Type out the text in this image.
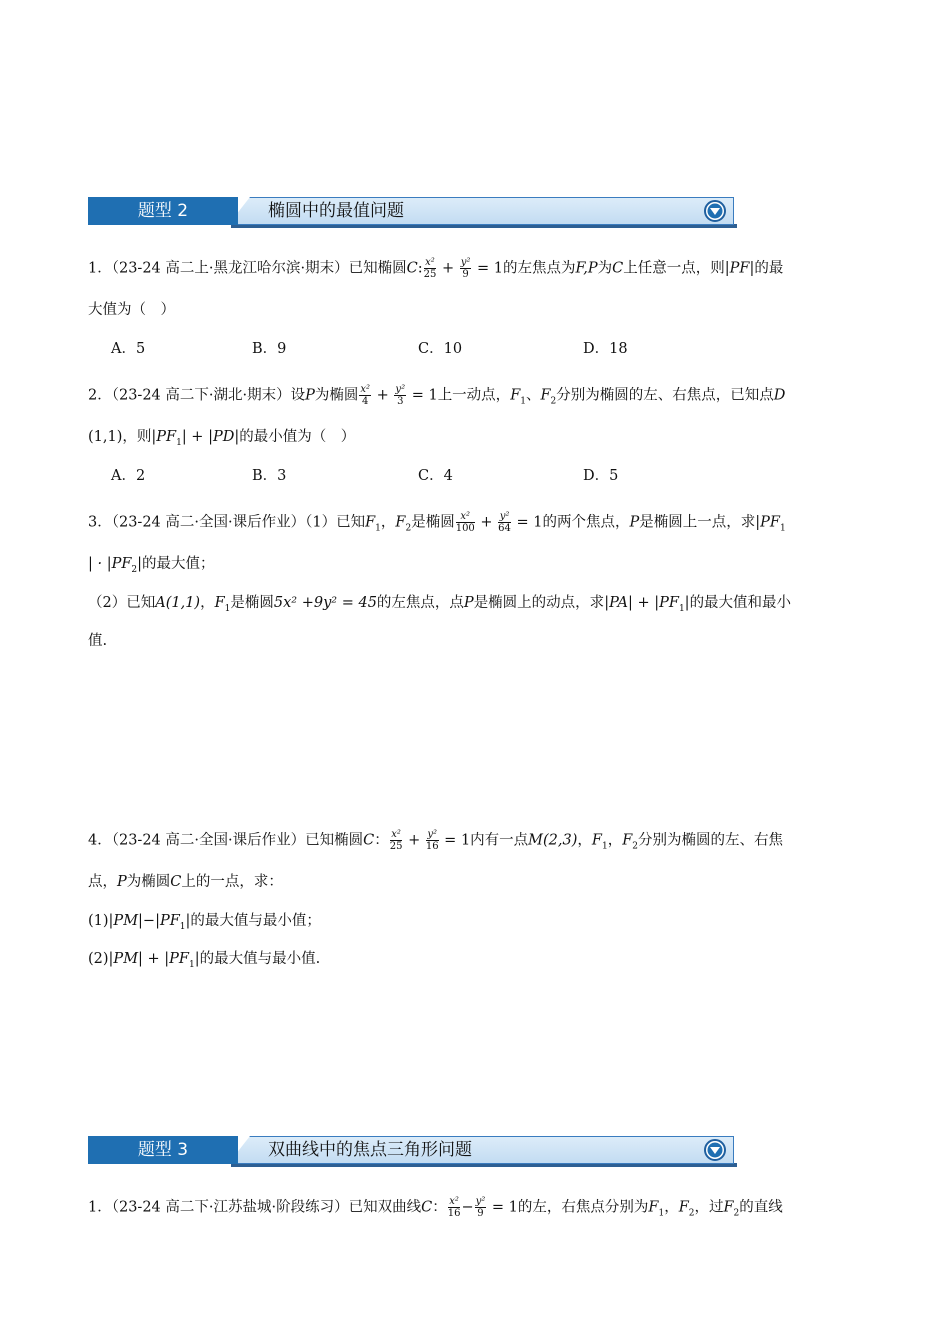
题型 2	椭圆中的最值问题
1．（23-24 高二上·黑龙江哈尔滨·期末）已知椭圆C: $\frac{\text{x²}}{25} + \frac{\text{y²}}{9} = 1$的左焦点为F,P为C上任意一点，则|PF|的最
大值为（　）
A．5	B．9	C．10	D．18
2．（23-24 高二下·湖北·期末）设P为椭圆 $\frac{\text{x²}}{4} + \frac{\text{y²}}{3} = 1$上一动点，$F_1$、$F_2$分别为椭圆的左、右焦点，已知点D
(1,1)，则$|PF_1| + |PD|$的最小值为（　）
A．2	B．3	C．4	D．5
3．（23-24 高二·全国·课后作业）（1）已知$F_1$，$F_2$是椭圆 $\frac{\text{x²}}{100} + \frac{\text{y²}}{64} = 1$的两个焦点，P是椭圆上一点，求$|PF_1$
| · $|PF_2|$的最大值；
（2）已知A(1,1)，$F_1$是椭圆5x² +9y² = 45的左焦点，点P是椭圆上的动点，求$|PA| + |PF_1|$的最大值和最小
值.
4．（23-24 高二·全国·课后作业）已知椭圆C： $\frac{\text{x²}}{25} + \frac{\text{y²}}{16} = 1$内有一点M(2,3)，$F_1$，$F_2$分别为椭圆的左、右焦
点，P为椭圆C上的一点，求：
$(1)|PM|-|PF_1|$的最大值与最小值；
$(2)|PM| + |PF_1|$的最大值与最小值.
题型 3	双曲线中的焦点三角形问题
1．（23-24 高二下·江苏盐城·阶段练习）已知双曲线C： $\frac{\text{x²}}{16} - \frac{\text{y²}}{9} = 1$的左，右焦点分别为$F_1$，$F_2$，过$F_2$的直线
